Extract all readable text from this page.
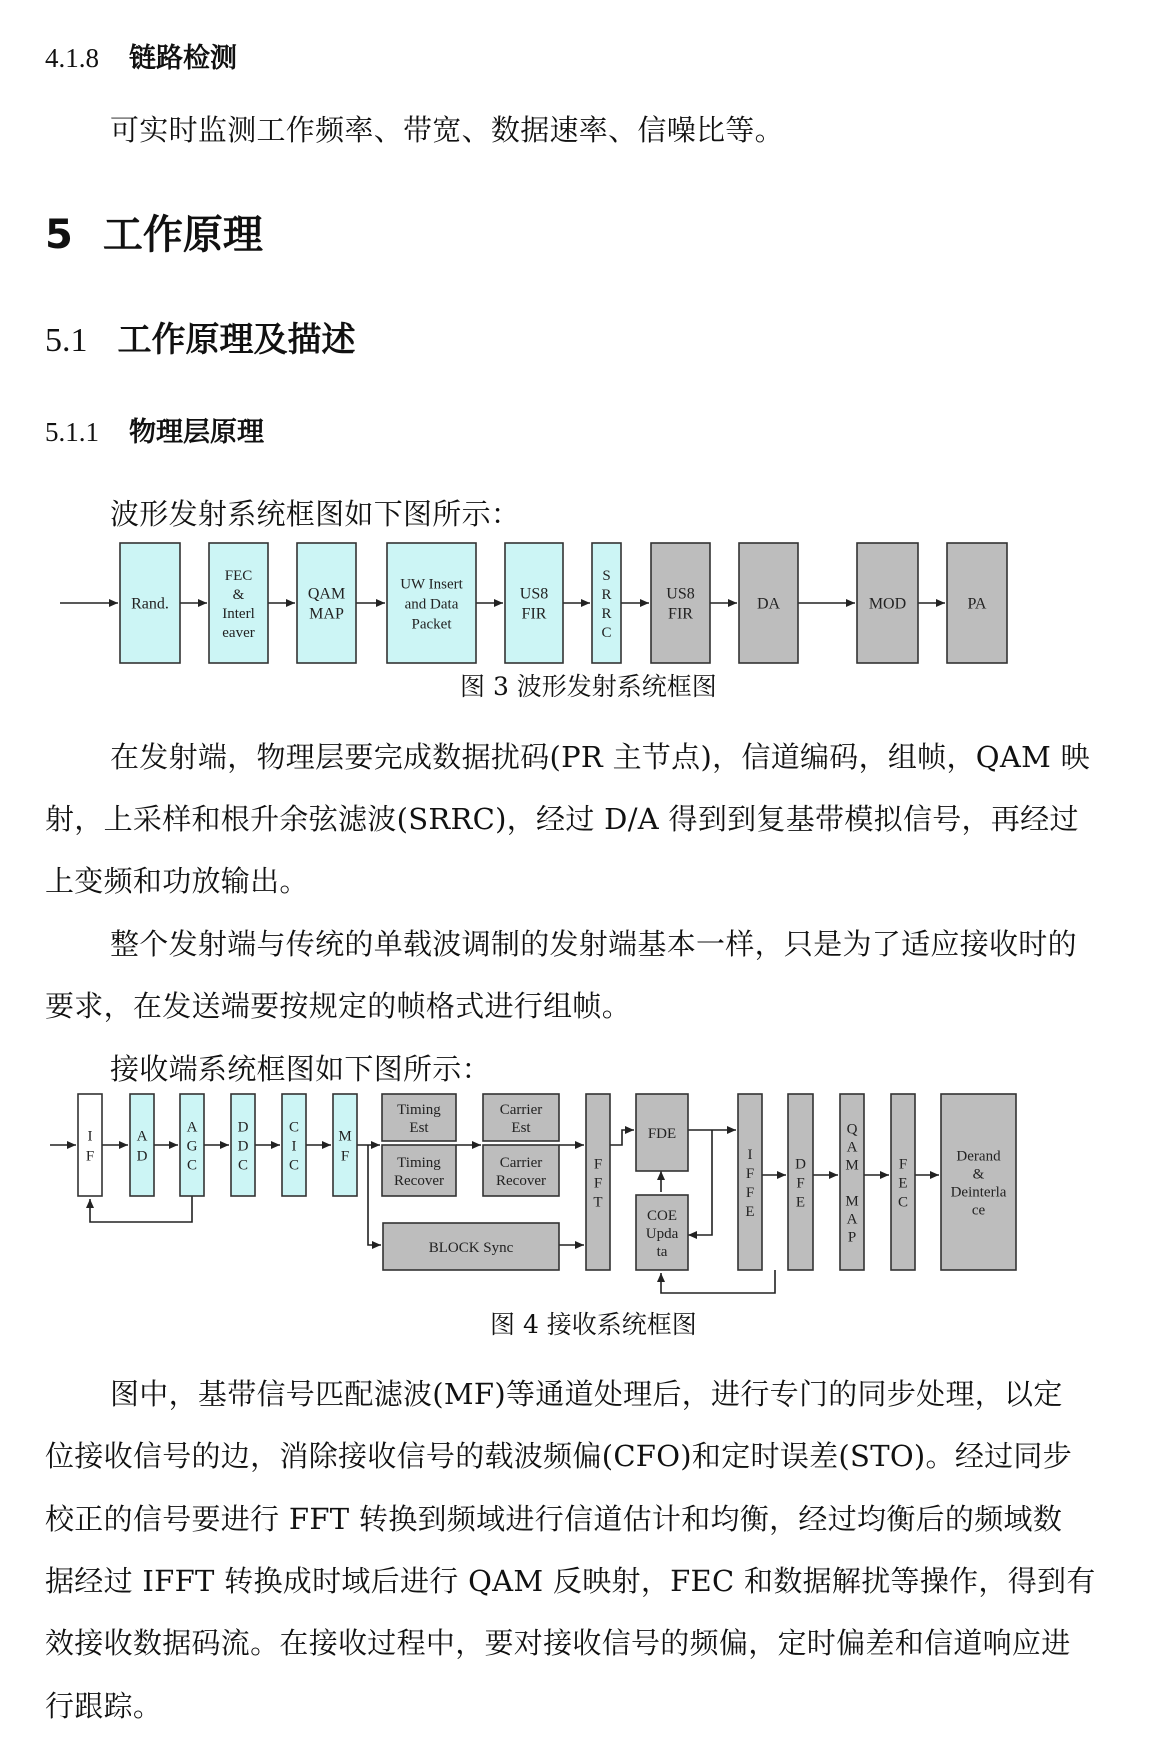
4.1.8 链路检测
可实时监测工作频率、带宽、数据速率、信噪比等。
5 工作原理
5.1 工作原理及描述
5.1.1 物理层原理
波形发射系统框图如下图所示：
Rand.
FEC
&
Interl
eaver
QAM
MAP
UW Insert
and Data
Packet
US8
FIR
S
R
R
C
US8
FIR
DA	MOD	PA
图 3 波形发射系统框图
在发射端，物理层要完成数据扰码(PR 主节点)，信道编码，组帧，QAM 映
射，上采样和根升余弦滤波(SRRC)，经过 D/A 得到到复基带模拟信号，再经过
上变频和功放输出。
整个发射端与传统的单载波调制的发射端基本一样，只是为了适应接收时的
要求，在发送端要按规定的帧格式进行组帧。
接收端系统框图如下图所示：
I
F
A
D
A
G
C
D
D
C
C
I
C
M
F
Timing
Est
Timing
Recover
Carrier
Est
Carrier
Recover
BLOCK Sync
F
F
T
FDE
COE
Upda
ta
I
F
F
E
D
F
E
Q
A
M
M
A
P
F
E
C
Derand
&
Deinterla
ce
图 4 接收系统框图
图中，基带信号匹配滤波(MF)等通道处理后，进行专门的同步处理，以定
位接收信号的边，消除接收信号的载波频偏(CFO)和定时误差(STO)。经过同步
校正的信号要进行 FFT 转换到频域进行信道估计和均衡，经过均衡后的频域数
据经过 IFFT 转换成时域后进行 QAM 反映射，FEC 和数据解扰等操作，得到有
效接收数据码流。在接收过程中，要对接收信号的频偏，定时偏差和信道响应进
行跟踪。
